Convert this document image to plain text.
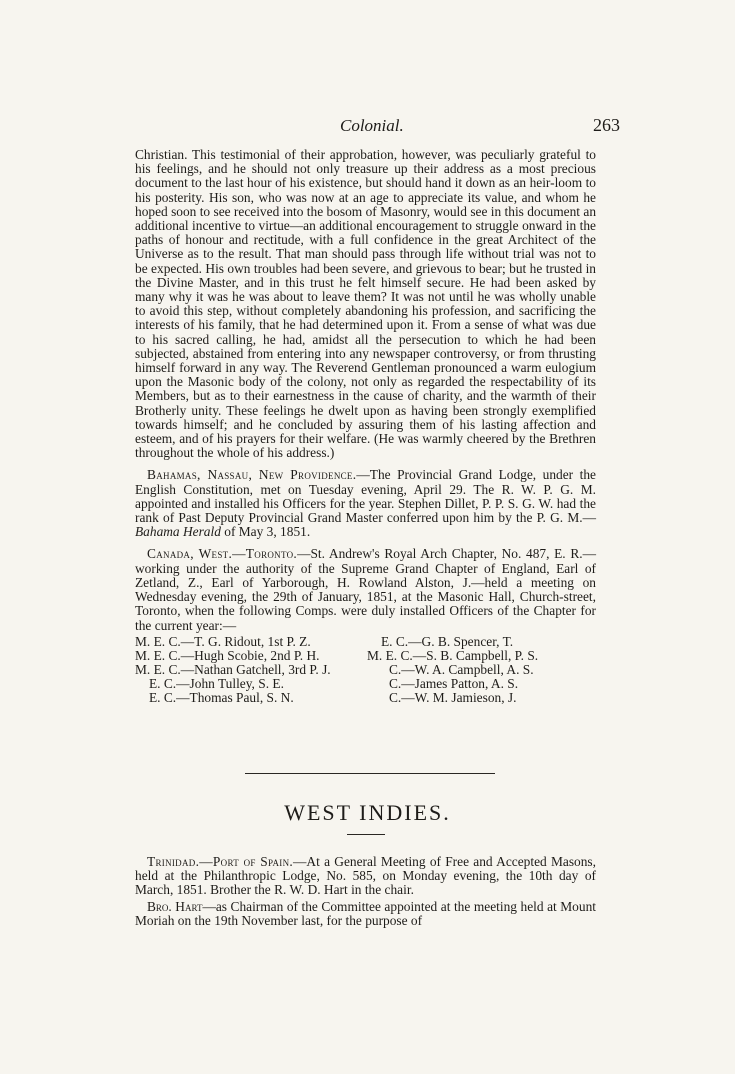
Colonial.	263

Christian. This testimonial of their approbation, however, was peculiarly grateful to his feelings, and he should not only treasure up their address as a most precious document to the last hour of his existence, but should hand it down as an heir-loom to his posterity. His son, who was now at an age to appreciate its value, and whom he hoped soon to see received into the bosom of Masonry, would see in this document an additional incentive to virtue—an additional encouragement to struggle onward in the paths of honour and rectitude, with a full confidence in the great Architect of the Universe as to the result. That man should pass through life without trial was not to be expected. His own troubles had been severe, and grievous to bear; but he trusted in the Divine Master, and in this trust he felt himself secure. He had been asked by many why it was he was about to leave them? It was not until he was wholly unable to avoid this step, without completely abandoning his profession, and sacrificing the interests of his family, that he had determined upon it. From a sense of what was due to his sacred calling, he had, amidst all the persecution to which he had been subjected, abstained from entering into any newspaper controversy, or from thrusting himself forward in any way. The Reverend Gentleman pronounced a warm eulogium upon the Masonic body of the colony, not only as regarded the respectability of its Members, but as to their earnestness in the cause of charity, and the warmth of their Brotherly unity. These feelings he dwelt upon as having been strongly exemplified towards himself; and he concluded by assuring them of his lasting affection and esteem, and of his prayers for their welfare. (He was warmly cheered by the Brethren throughout the whole of his address.)

Bahamas, Nassau, New Providence.—The Provincial Grand Lodge, under the English Constitution, met on Tuesday evening, April 29. The R. W. P. G. M. appointed and installed his Officers for the year. Stephen Dillet, P. P. S. G. W. had the rank of Past Deputy Provincial Grand Master conferred upon him by the P. G. M.—Bahama Herald of May 3, 1851.

Canada, West.—Toronto.—St. Andrew's Royal Arch Chapter, No. 487, E. R.—working under the authority of the Supreme Grand Chapter of England, Earl of Zetland, Z., Earl of Yarborough, H. Rowland Alston, J.—held a meeting on Wednesday evening, the 29th of January, 1851, at the Masonic Hall, Church-street, Toronto, when the following Comps. were duly installed Officers of the Chapter for the current year:—

M. E. C.—T. G. Ridout, 1st P. Z.
M. E. C.—Hugh Scobie, 2nd P. H.
M. E. C.—Nathan Gatchell, 3rd P. J.
E. C.—John Tulley, S. E.
E. C.—Thomas Paul, S. N.
E. C.—G. B. Spencer, T.
M. E. C.—S. B. Campbell, P. S.
C.—W. A. Campbell, A. S.
C.—James Patton, A. S.
C.—W. M. Jamieson, J.
WEST INDIES.

Trinidad.—Port of Spain.—At a General Meeting of Free and Accepted Masons, held at the Philanthropic Lodge, No. 585, on Monday evening, the 10th day of March, 1851. Brother the R. W. D. Hart in the chair.

Bro. Hart—as Chairman of the Committee appointed at the meeting held at Mount Moriah on the 19th November last, for the purpose of
